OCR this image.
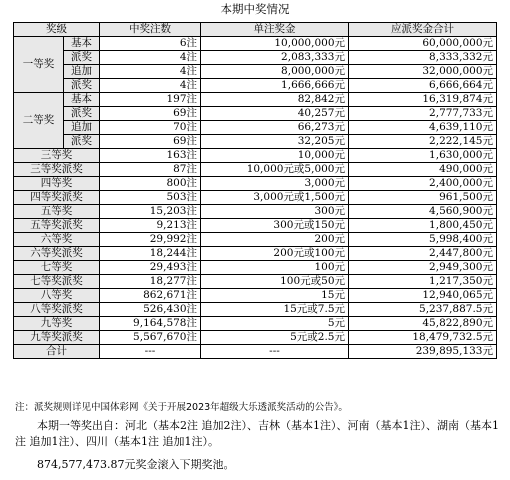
本期中奖情况
奖级		中奖注数	单注奖金	应派奖金合计
一等奖	基本	6注	10,000,000元	60,000,000元
	派奖	4注	2,083,333元	8,333,332元
	追加	4注	8,000,000元	32,000,000元
	派奖	4注	1,666,666元	6,666,664元
二等奖	基本	197注	82,842元	16,319,874元
	派奖	69注	40,257元	2,777,733元
	追加	70注	66,273元	4,639,110元
	派奖	69注	32,205元	2,222,145元
三等奖		163注	10,000元	1,630,000元
三等奖派奖		87注	10,000元或5,000元	490,000元
四等奖		800注	3,000元	2,400,000元
四等奖派奖		503注	3,000元或1,500元	961,500元
五等奖		15,203注	300元	4,560,900元
五等奖派奖		9,213注	300元或150元	1,800,450元
六等奖		29,992注	200元	5,998,400元
六等奖派奖		18,244注	200元或100元	2,447,800元
七等奖		29,493注	100元	2,949,300元
七等奖派奖		18,277注	100元或50元	1,217,350元
八等奖		862,671注	15元	12,940,065元
八等奖派奖		526,430注	15元或7.5元	5,237,887.5元
九等奖		9,164,578注	5元	45,822,890元
九等奖派奖		5,567,670注	5元或2.5元	18,479,732.5元
合计		---	---	239,895,133元
注：派奖规则详见中国体彩网《关于开展2023年超级大乐透派奖活动的公告》。
本期一等奖出自：河北（基本2注 追加2注）、吉林（基本1注）、河南（基本1注）、湖南（基本1注 追加1注）、四川（基本1注 追加1注）。
874,577,473.87元奖金滚入下期奖池。
